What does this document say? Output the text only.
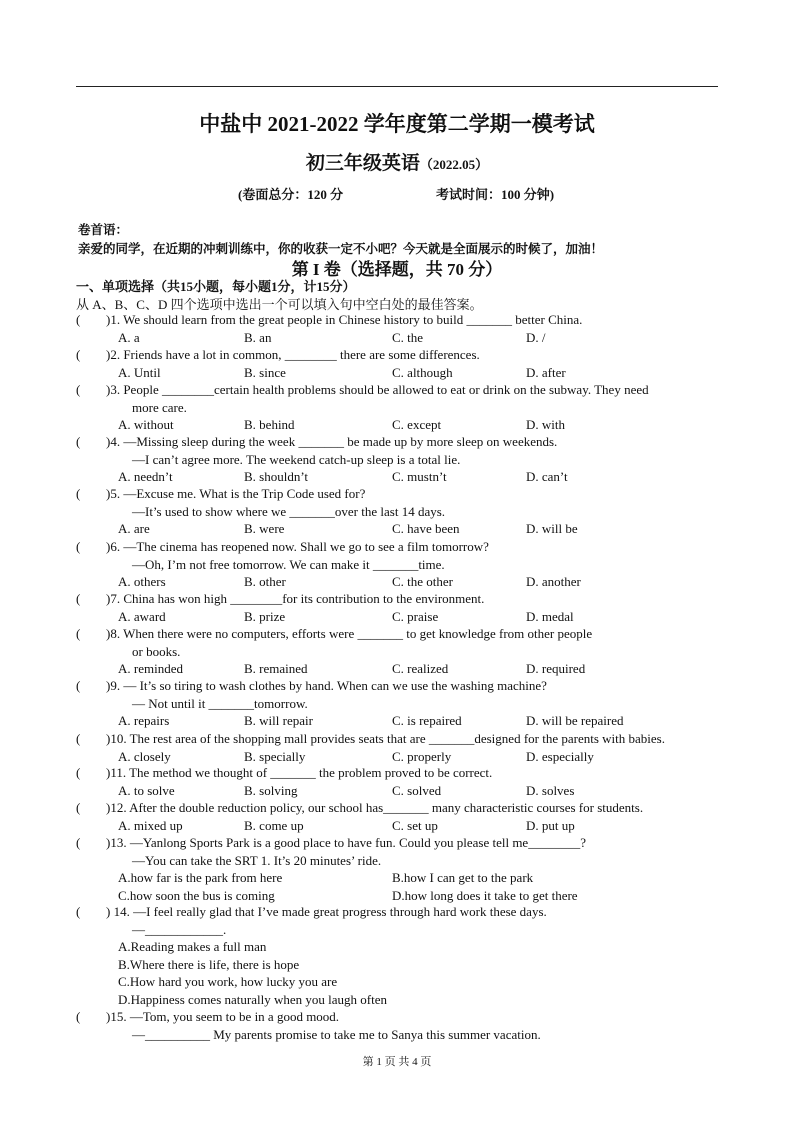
中盐中 2021-2022 学年度第二学期一模考试
初三年级英语（2022.05）
(卷面总分：120 分	考试时间：100 分钟)
卷首语：
亲爱的同学，在近期的冲刺训练中，你的收获一定不小吧？今天就是全面展示的时候了，加油！
第 I 卷（选择题，共 70 分）
一、单项选择（共15小题，每小题1分，计15分）
从 A、B、C、D 四个选项中选出一个可以填入句中空白处的最佳答案。
(	)1. We should learn from the great people in Chinese history to build _______ better China.
A. a	B. an	C. the	D. /
(	)2. Friends have a lot in common, ________ there are some differences.
A. Until	B. since	C. although	D. after
(	)3. People ________certain health problems should be allowed to eat or drink on the subway. They need
more care.
A. without	B. behind	C. except	D. with
(	)4. —Missing sleep during the week _______ be made up by more sleep on weekends.
—I can’t agree more. The weekend catch-up sleep is a total lie.
A. needn’t	B. shouldn’t	C. mustn’t	D. can’t
(	)5. —Excuse me. What is the Trip Code used for?
—It’s used to show where we _______over the last 14 days.
A. are	B. were	C. have been	D. will be
(	)6. —The cinema has reopened now. Shall we go to see a film tomorrow?
—Oh, I’m not free tomorrow. We can make it _______time.
A. others	B. other	C. the other	D. another
(	)7. China has won high ________for its contribution to the environment.
A. award	B. prize	C. praise	D. medal
(	)8. When there were no computers, efforts were _______ to get knowledge from other people
or books.
A. reminded	B. remained	C. realized	D. required
(	)9. — It’s so tiring to wash clothes by hand. When can we use the washing machine?
— Not until it _______tomorrow.
A. repairs	B. will repair	C. is repaired	D. will be repaired
(	)10. The rest area of the shopping mall provides seats that are _______designed for the parents with babies.
A. closely	B. specially	C. properly	D. especially
(	)11. The method we thought of _______ the problem proved to be correct.
A. to solve	B. solving	C. solved	D. solves
(	)12. After the double reduction policy, our school has_______ many characteristic courses for students.
A. mixed up	B. come up	C. set up	D. put up
(	)13. —Yanlong Sports Park is a good place to have fun. Could you please tell me________?
—You can take the SRT 1. It’s 20 minutes’ ride.
A.how far is the park from here	B.how I can get to the park
C.how soon the bus is coming	D.how long does it take to get there
(	) 14. —I feel really glad that I’ve made great progress through hard work these days.
—____________.
A.Reading makes a full man
B.Where there is life, there is hope
C.How hard you work, how lucky you are
D.Happiness comes naturally when you laugh often
(	)15. —Tom, you seem to be in a good mood.
—__________ My parents promise to take me to Sanya this summer vacation.
第 1 页 共 4 页
